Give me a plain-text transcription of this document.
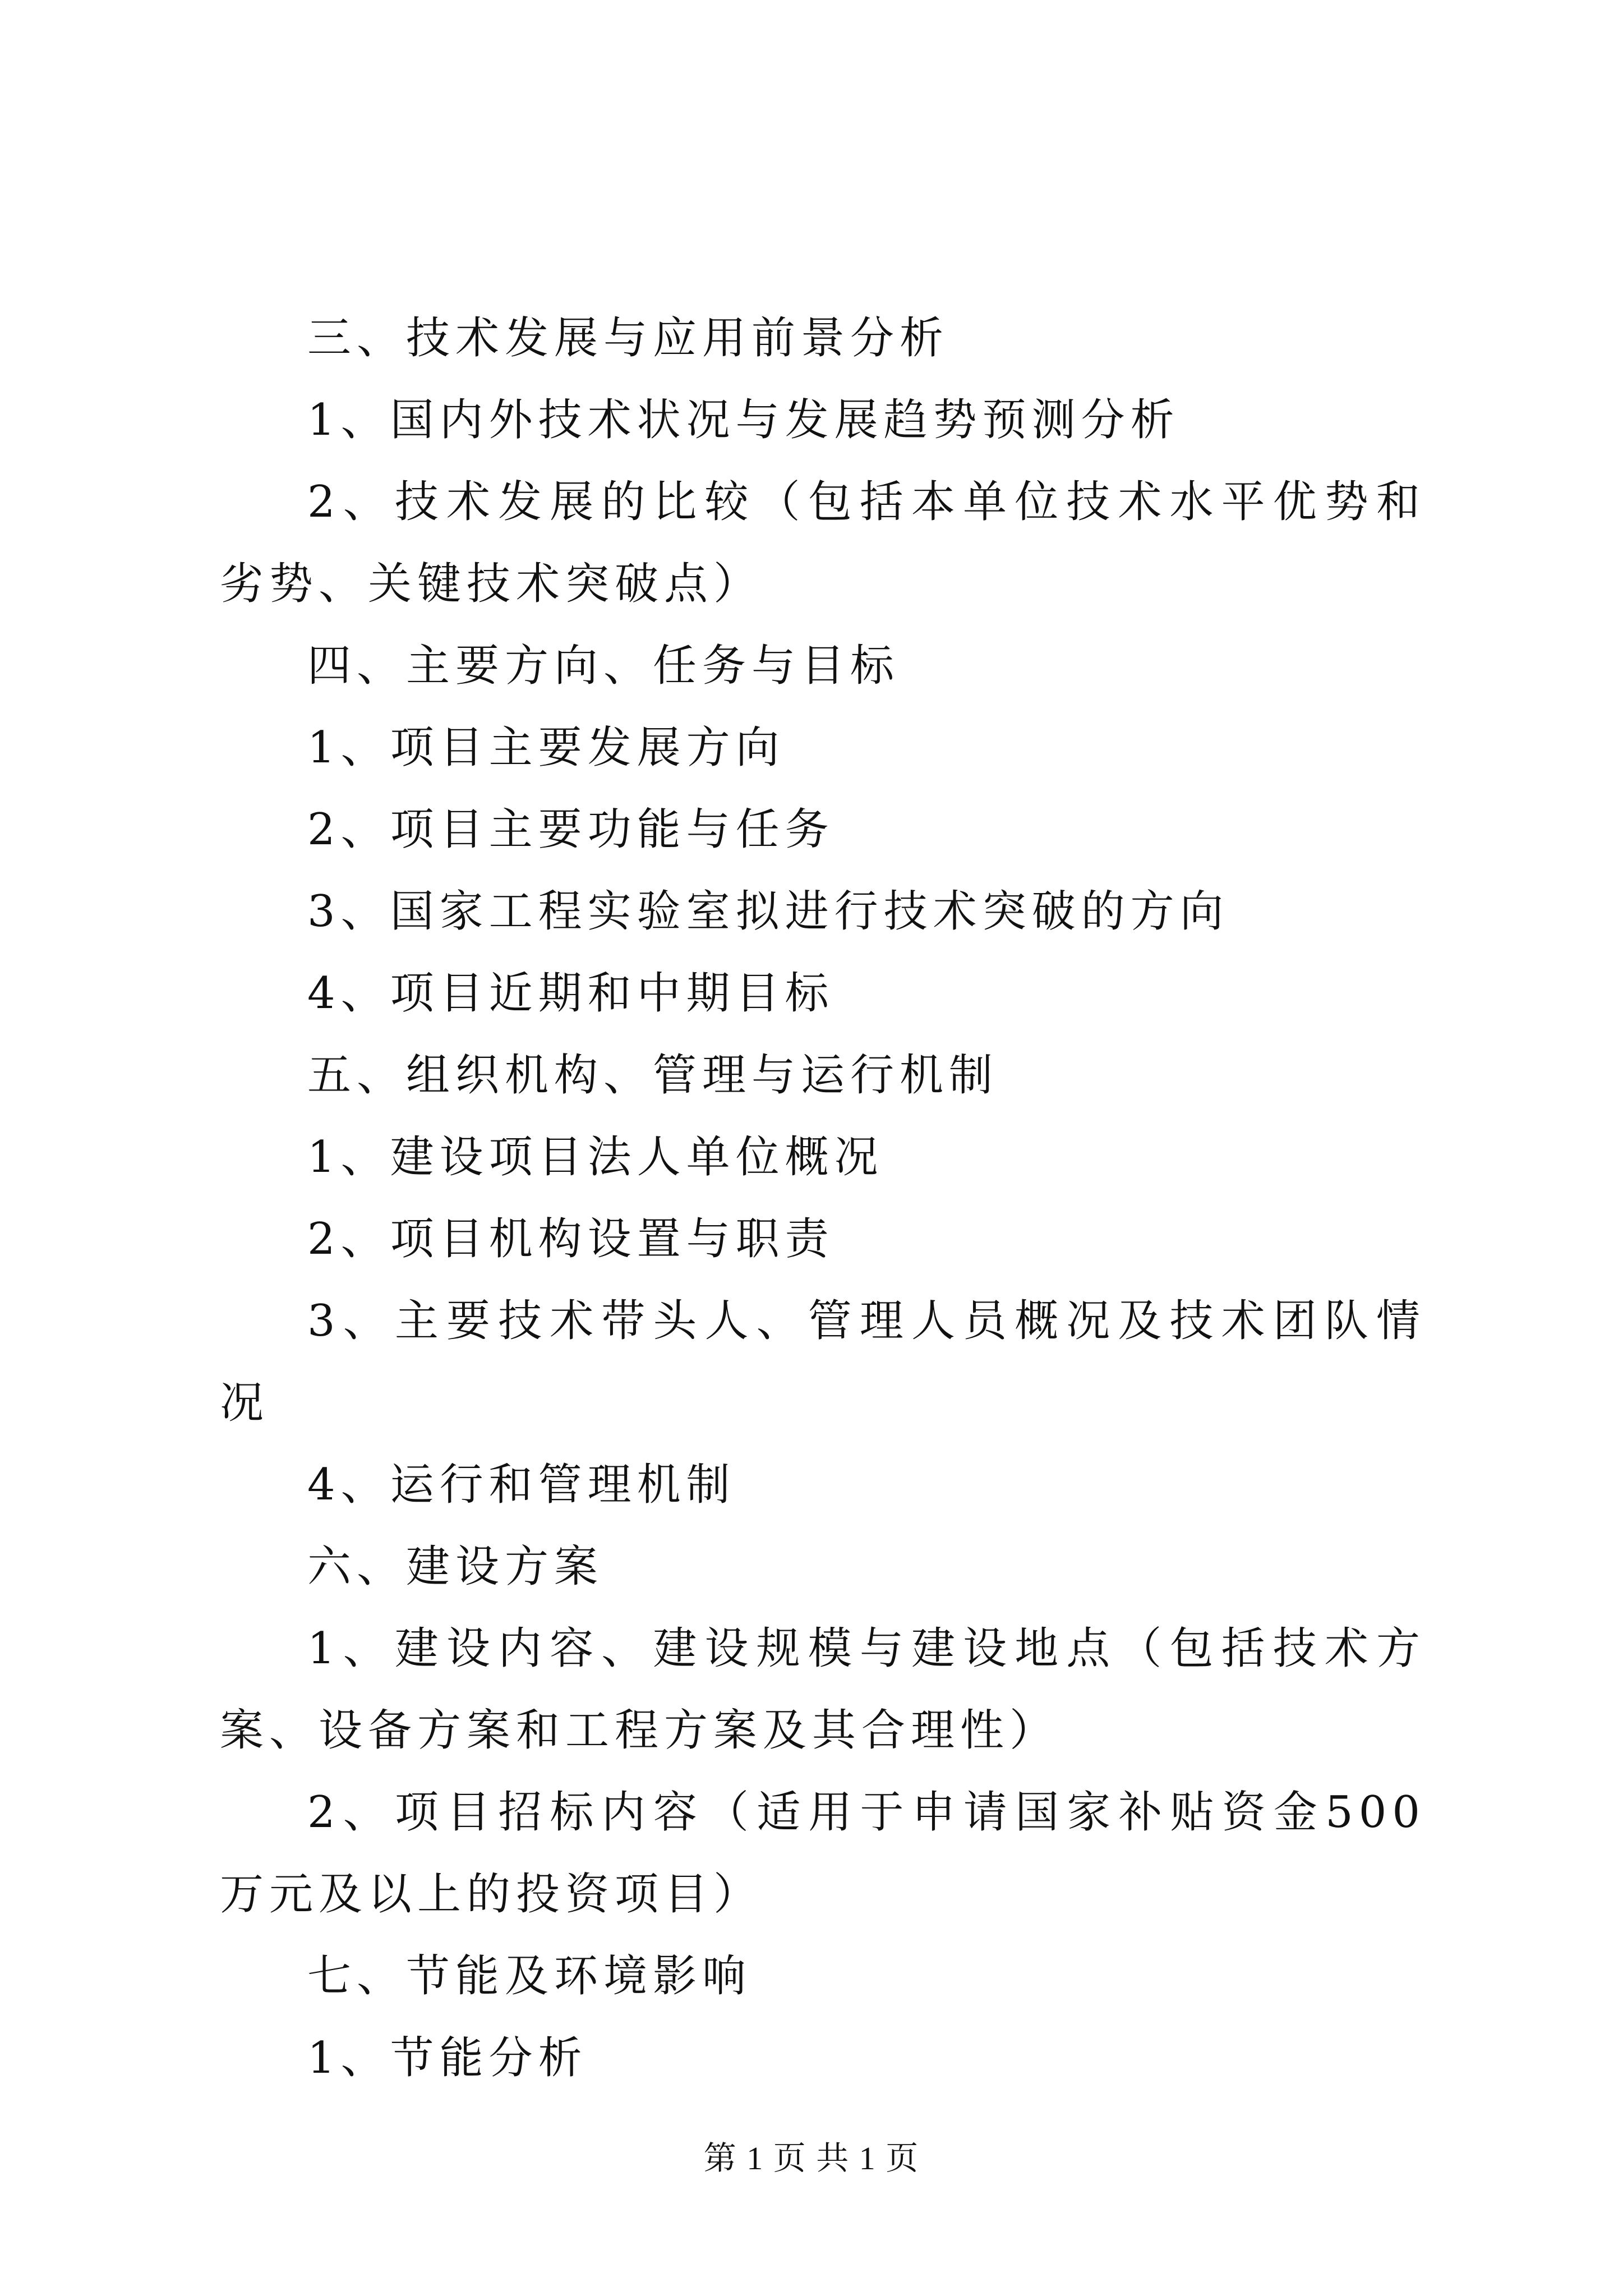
三、技术发展与应用前景分析

1、国内外技术状况与发展趋势预测分析

2、技术发展的比较（包括本单位技术水平优势和劣势、关键技术突破点）

四、主要方向、任务与目标

1、项目主要发展方向

2、项目主要功能与任务

3、国家工程实验室拟进行技术突破的方向

4、项目近期和中期目标

五、组织机构、管理与运行机制

1、建设项目法人单位概况

2、项目机构设置与职责

3、主要技术带头人、管理人员概况及技术团队情况

4、运行和管理机制

六、建设方案

1、建设内容、建设规模与建设地点（包括技术方案、设备方案和工程方案及其合理性）

2、项目招标内容（适用于申请国家补贴资金500万元及以上的投资项目）

七、节能及环境影响

1、节能分析

第 1 页 共 1 页
